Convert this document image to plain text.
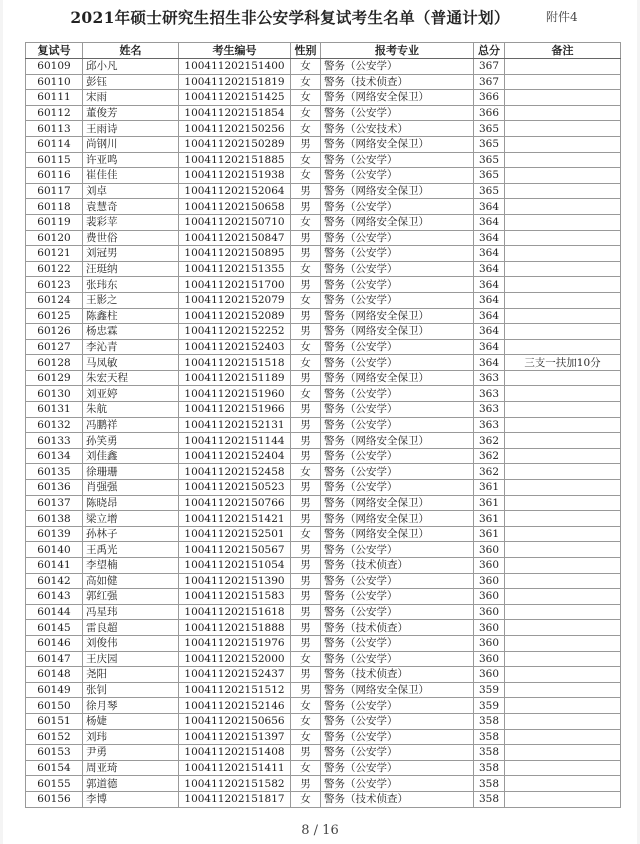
2021年硕士研究生招生非公安学科复试考生名单（普通计划）	附件4
复试号	姓名	考生编号	性别	报考专业	总分	备注
60109	邱小凡	100411202151400	女	警务（公安学）	367	
60110	彭钰	100411202151819	女	警务（技术侦查）	367	
60111	宋雨	100411202151425	女	警务（网络安全保卫）	366	
60112	董俊芳	100411202151854	女	警务（公安学）	366	
60113	王雨诗	100411202150256	女	警务（公安技术）	365	
60114	尚钢川	100411202150289	男	警务（网络安全保卫）	365	
60115	许亚鸣	100411202151885	女	警务（公安学）	365	
60116	崔佳佳	100411202151938	女	警务（公安学）	365	
60117	刘卓	100411202152064	男	警务（网络安全保卫）	365	
60118	袁慧奇	100411202150658	男	警务（公安学）	364	
60119	裴彩苹	100411202150710	女	警务（网络安全保卫）	364	
60120	费世俗	100411202150847	男	警务（公安学）	364	
60121	刘冠男	100411202150895	男	警务（公安学）	364	
60122	汪珽纳	100411202151355	女	警务（公安学）	364	
60123	张玮东	100411202151700	男	警务（公安学）	364	
60124	王影之	100411202152079	女	警务（公安学）	364	
60125	陈鑫柱	100411202152089	男	警务（网络安全保卫）	364	
60126	杨忠霖	100411202152252	男	警务（网络安全保卫）	364	
60127	李沁青	100411202152403	女	警务（公安学）	364	
60128	马凤敏	100411202151518	女	警务（公安学）	364	三支一扶加10分
60129	朱宏天程	100411202151189	男	警务（网络安全保卫）	363	
60130	刘亚婷	100411202151960	女	警务（公安学）	363	
60131	朱航	100411202151966	男	警务（公安学）	363	
60132	冯鹏祥	100411202152131	男	警务（公安学）	363	
60133	孙笑勇	100411202151144	男	警务（网络安全保卫）	362	
60134	刘佳鑫	100411202152404	男	警务（公安学）	362	
60135	徐珊珊	100411202152458	女	警务（公安学）	362	
60136	肖强强	100411202150523	男	警务（公安学）	361	
60137	陈晓昂	100411202150766	男	警务（网络安全保卫）	361	
60138	梁立增	100411202151421	男	警务（网络安全保卫）	361	
60139	孙林子	100411202152501	女	警务（网络安全保卫）	361	
60140	王禹光	100411202150567	男	警务（公安学）	360	
60141	李望楠	100411202151054	男	警务（技术侦查）	360	
60142	高如健	100411202151390	男	警务（公安学）	360	
60143	郭红强	100411202151583	男	警务（公安学）	360	
60144	冯星玮	100411202151618	男	警务（公安学）	360	
60145	雷良超	100411202151888	男	警务（技术侦查）	360	
60146	刘俊伟	100411202151976	男	警务（公安学）	360	
60147	王庆园	100411202152000	女	警务（公安学）	360	
60148	尧阳	100411202152437	男	警务（技术侦查）	360	
60149	张钊	100411202151512	男	警务（网络安全保卫）	359	
60150	徐月琴	100411202152146	女	警务（公安学）	359	
60151	杨婕	100411202150656	女	警务（公安学）	358	
60152	刘玮	100411202151397	女	警务（公安学）	358	
60153	尹勇	100411202151408	男	警务（公安学）	358	
60154	周亚琦	100411202151411	女	警务（公安学）	358	
60155	郭道德	100411202151582	男	警务（公安学）	358	
60156	李博	100411202151817	女	警务（技术侦查）	358	
8 / 16
